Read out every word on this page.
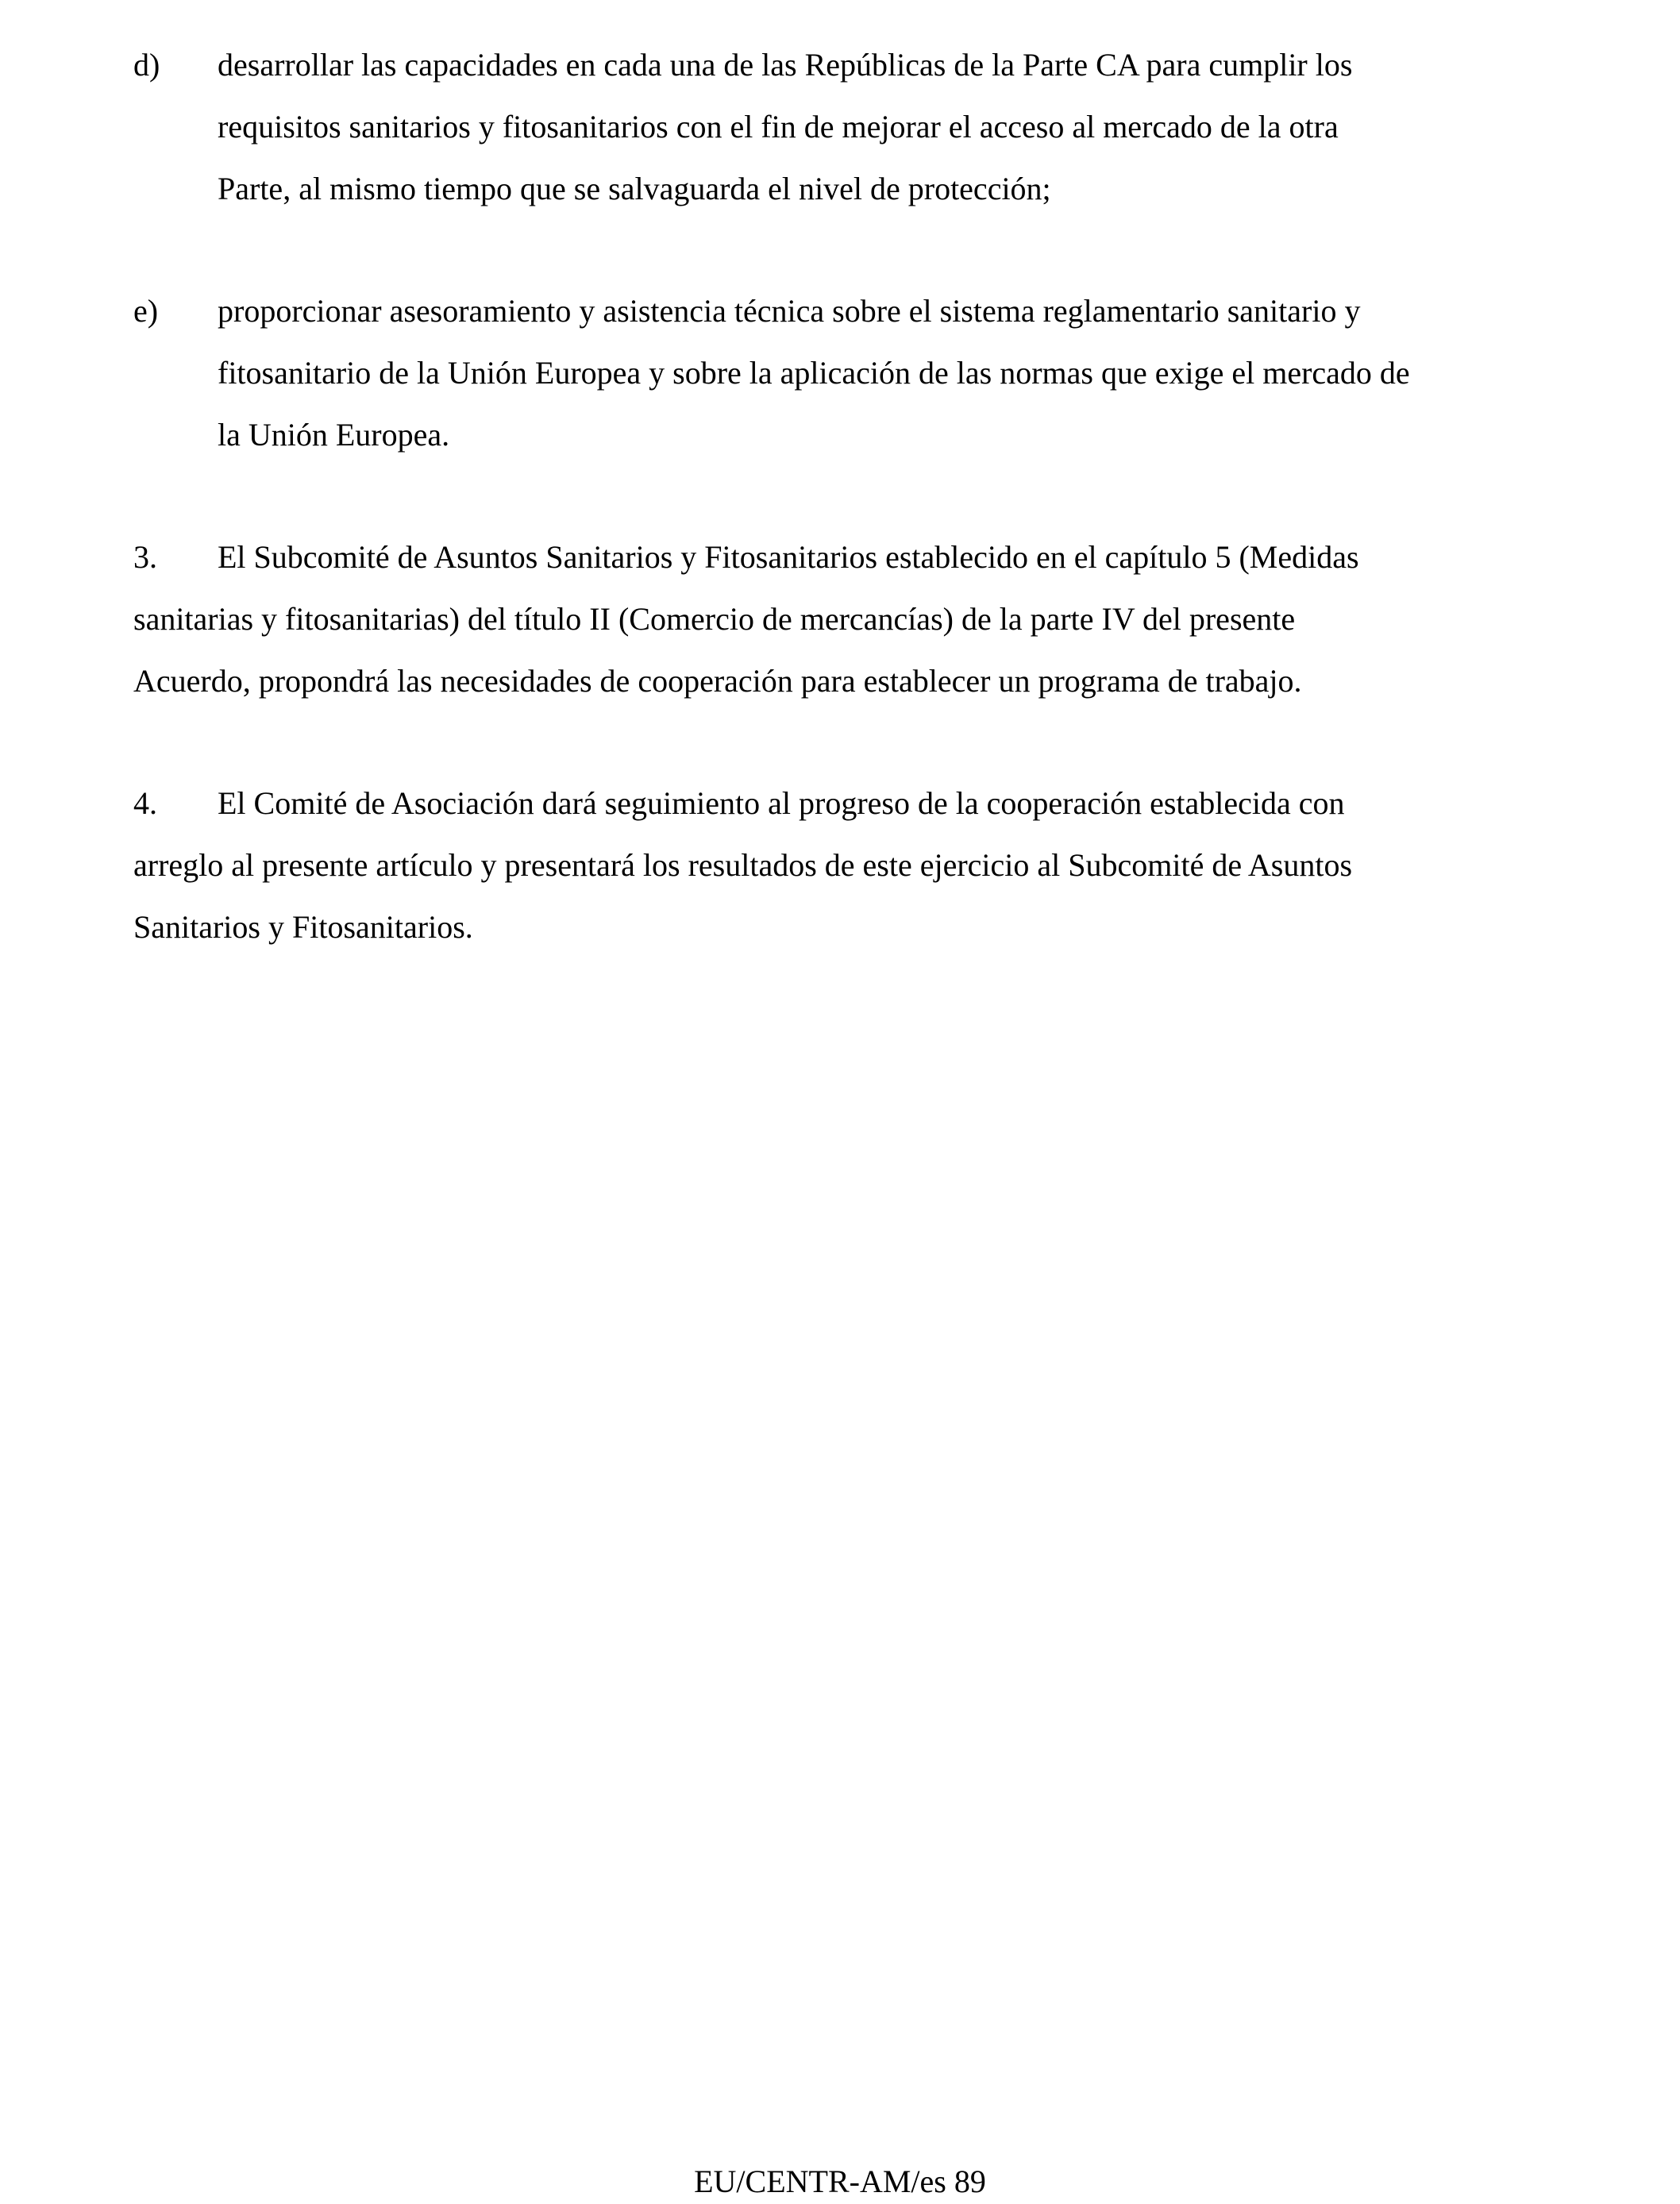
d) desarrollar las capacidades en cada una de las Repúblicas de la Parte CA para cumplir los
requisitos sanitarios y fitosanitarios con el fin de mejorar el acceso al mercado de la otra
Parte, al mismo tiempo que se salvaguarda el nivel de protección;
e) proporcionar asesoramiento y asistencia técnica sobre el sistema reglamentario sanitario y
fitosanitario de la Unión Europea y sobre la aplicación de las normas que exige el mercado de
la Unión Europea.
3. El Subcomité de Asuntos Sanitarios y Fitosanitarios establecido en el capítulo 5 (Medidas
sanitarias y fitosanitarias) del título II (Comercio de mercancías) de la parte IV del presente
Acuerdo, propondrá las necesidades de cooperación para establecer un programa de trabajo.
4. El Comité de Asociación dará seguimiento al progreso de la cooperación establecida con
arreglo al presente artículo y presentará los resultados de este ejercicio al Subcomité de Asuntos
Sanitarios y Fitosanitarios.
EU/CENTR-AM/es 89
